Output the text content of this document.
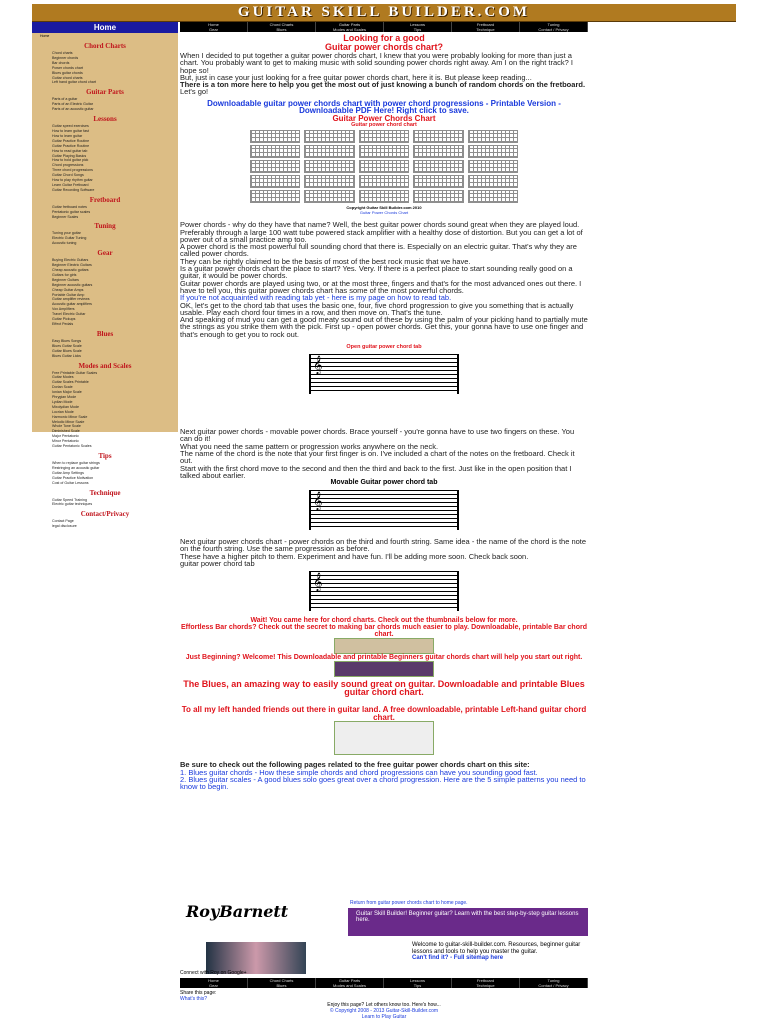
GUITAR SKILL BUILDER.COM
Home	Chord Charts	Guitar Parts	Lessons	Fretboard	Tuning
Gear	Blues	Modes and Scales	Tips	Technique	Contact / Privacy
Home
Home
Chord Charts
Chord charts
Beginner chords
Bar chords
Power chords chart
Blues guitar chords
Guitar chord charts
Left hand guitar chord chart
Guitar Parts
Parts of a guitar
Parts of an Electric Guitar
Parts of an acoustic guitar
Lessons
Guitar speed exercises
How to learn guitar fast
How to learn guitar
Guitar Practice Routine
Guitar Practice Routine
How to read guitar tab
Guitar Playing Basics
How to hold guitar pick
Chord progressions
Three chord progressions
Guitar Chord Songs
How to play rhythm guitar
Learn Guitar Fretboard
Guitar Recording Software
Fretboard
Guitar fretboard notes
Pentatonic guitar scales
Beginner Scales
Tuning
Tuning your guitar
Electric Guitar Tuning
Acoustic tuning
Gear
Buying Electric Guitars
Beginner Electric Guitars
Cheap acoustic guitars
Guitars for girls
Beginner Guitars
Beginner acoustic guitars
Cheap Guitar Amps
Portable Guitar Amp
Guitar amplifier reviews
Acoustic guitar amplifiers
Vox Amplifiers
Travel Electric Guitar
Guitar Pickups
Effect Pedals
Blues
Easy Blues Songs
Blues Guitar Scale
Guitar Blues Scale
Blues Guitar Licks
Modes and Scales
Free Printable Guitar Scales
Guitar Modes
Guitar Scales Printable
Dorian Scale
Ionian Major Scale
Phrygian Mode
Lydian Mode
Mixolydian Mode
Locrian Mode
Harmonic Minor Scale
Melodic Minor Scale
Whole Tone Scale
Diminished Scale
Major Pentatonic
Minor Pentatonic
Guitar Pentatonic Scales
Tips
When to replace guitar strings
Restringing an acoustic guitar
Guitar Amp Settings
Guitar Practice Motivation
Cost of Guitar Lessons
Technique
Guitar Speed Training
Electric guitar techniques
Contact/Privacy
Contact Page
legal disclosure
Looking for a good
Guitar power chords chart?
When I decided to put together a guitar power chords chart, I knew that you were probably looking for more than just a chart. You probably want to get to making music with solid sounding power chords right away. Am I on the right track? I hope so!
But, just in case your just looking for a free guitar power chords chart, here it is. But please keep reading...
There is a ton more here to help you get the most out of just knowing a bunch of random chords on the fretboard.
Let's go!
Downloadable guitar power chords chart with power chord progressions - Printable Version - Downloadable PDF Here! Right click to save.
Guitar Power Chords Chart
Guitar power chord chart
Copyright Guitar Skill Builder.com 2010
Guitar Power Chords Chart
Power chords - why do they have that name? Well, the best guitar power chords sound great when they are played loud. Preferably through a large 100 watt tube powered stack amplifier with a healthy dose of distortion. But you can get a lot of power out of a small practice amp too.
A power chord is the most powerful full sounding chord that there is. Especially on an electric guitar. That's why they are called power chords.
They can be rightly claimed to be the basis of most of the best rock music that we have.
Is a guitar power chords chart the place to start? Yes. Very. If there is a perfect place to start sounding really good on a guitar, it would be power chords.
Guitar power chords are played using two, or at the most three, fingers and that's for the most advanced ones out there. I have to tell you, this guitar power chords chart has some of the most powerful chords.
If you're not acquainted with reading tab yet - here is my page on how to read tab.
OK, let's get to the chord tab that uses the basic one, four, five chord progression to give you something that is actually usable. Play each chord four times in a row, and then move on. That's the tune.
And speaking of mud you can get a good meaty sound out of these by using the palm of your picking hand to partially mute the strings as you strike them with the pick. First up - open power chords. Get this, your gonna have to use one finger and that's enough to get you to rock out.
Open guitar power chord tab
𝄞
Next guitar power chords - movable power chords. Brace yourself - you're gonna have to use two fingers on these. You can do it!
What you need the same pattern or progression works anywhere on the neck.
The name of the chord is the note that your first finger is on. I've included a chart of the notes on the fretboard. Check it out.
Start with the first chord move to the second and then the third and back to the first. Just like in the open position that I talked about earlier.
Movable Guitar power chord tab
𝄞
Next guitar power chords chart - power chords on the third and fourth string. Same idea - the name of the chord is the note on the fourth string. Use the same progression as before.
These have a higher pitch to them. Experiment and have fun. I'll be adding more soon. Check back soon.
guitar power chord tab
𝄞
Wait! You came here for chord charts. Check out the thumbnails below for more.
Effortless Bar chords? Check out the secret to making bar chords much easier to play. Downloadable, printable Bar chord chart.
Just Beginning? Welcome! This Downloadable and printable Beginners guitar chords chart will help you start out right.
The Blues, an amazing way to easily sound great on guitar. Downloadable and printable Blues guitar chord chart.
To all my left handed friends out there in guitar land. A free downloadable, printable Left-hand guitar chord chart.
Be sure to check out the following pages related to the free guitar power chords chart on this site:
1. Blues guitar chords - How these simple chords and chord progressions can have you sounding good fast.
2. Blues guitar scales - A good blues solo goes great over a chord progression. Here are the 5 simple patterns you need to know to begin.
RoyBarnett	Return from guitar power chords chart to home page.
Guitar Skill Builder! Beginner guitar? Learn with the best step-by-step guitar lessons here.
Welcome to guitar-skill-builder.com. Resources, beginner guitar lessons and tools to help you master the guitar.
Can't find it? - Full sitemap here
Connect with Roy on Google+
Home	Chord Charts	Guitar Parts	Lessons	Fretboard	Tuning
Gear	Blues	Modes and Scales	Tips	Technique	Contact / Privacy
Share this page:
What's this?
Enjoy this page? Let others know too. Here's how...
© Copyright 2008 - 2013 Guitar-Skill-Builder.com
Learn to Play Guitar
